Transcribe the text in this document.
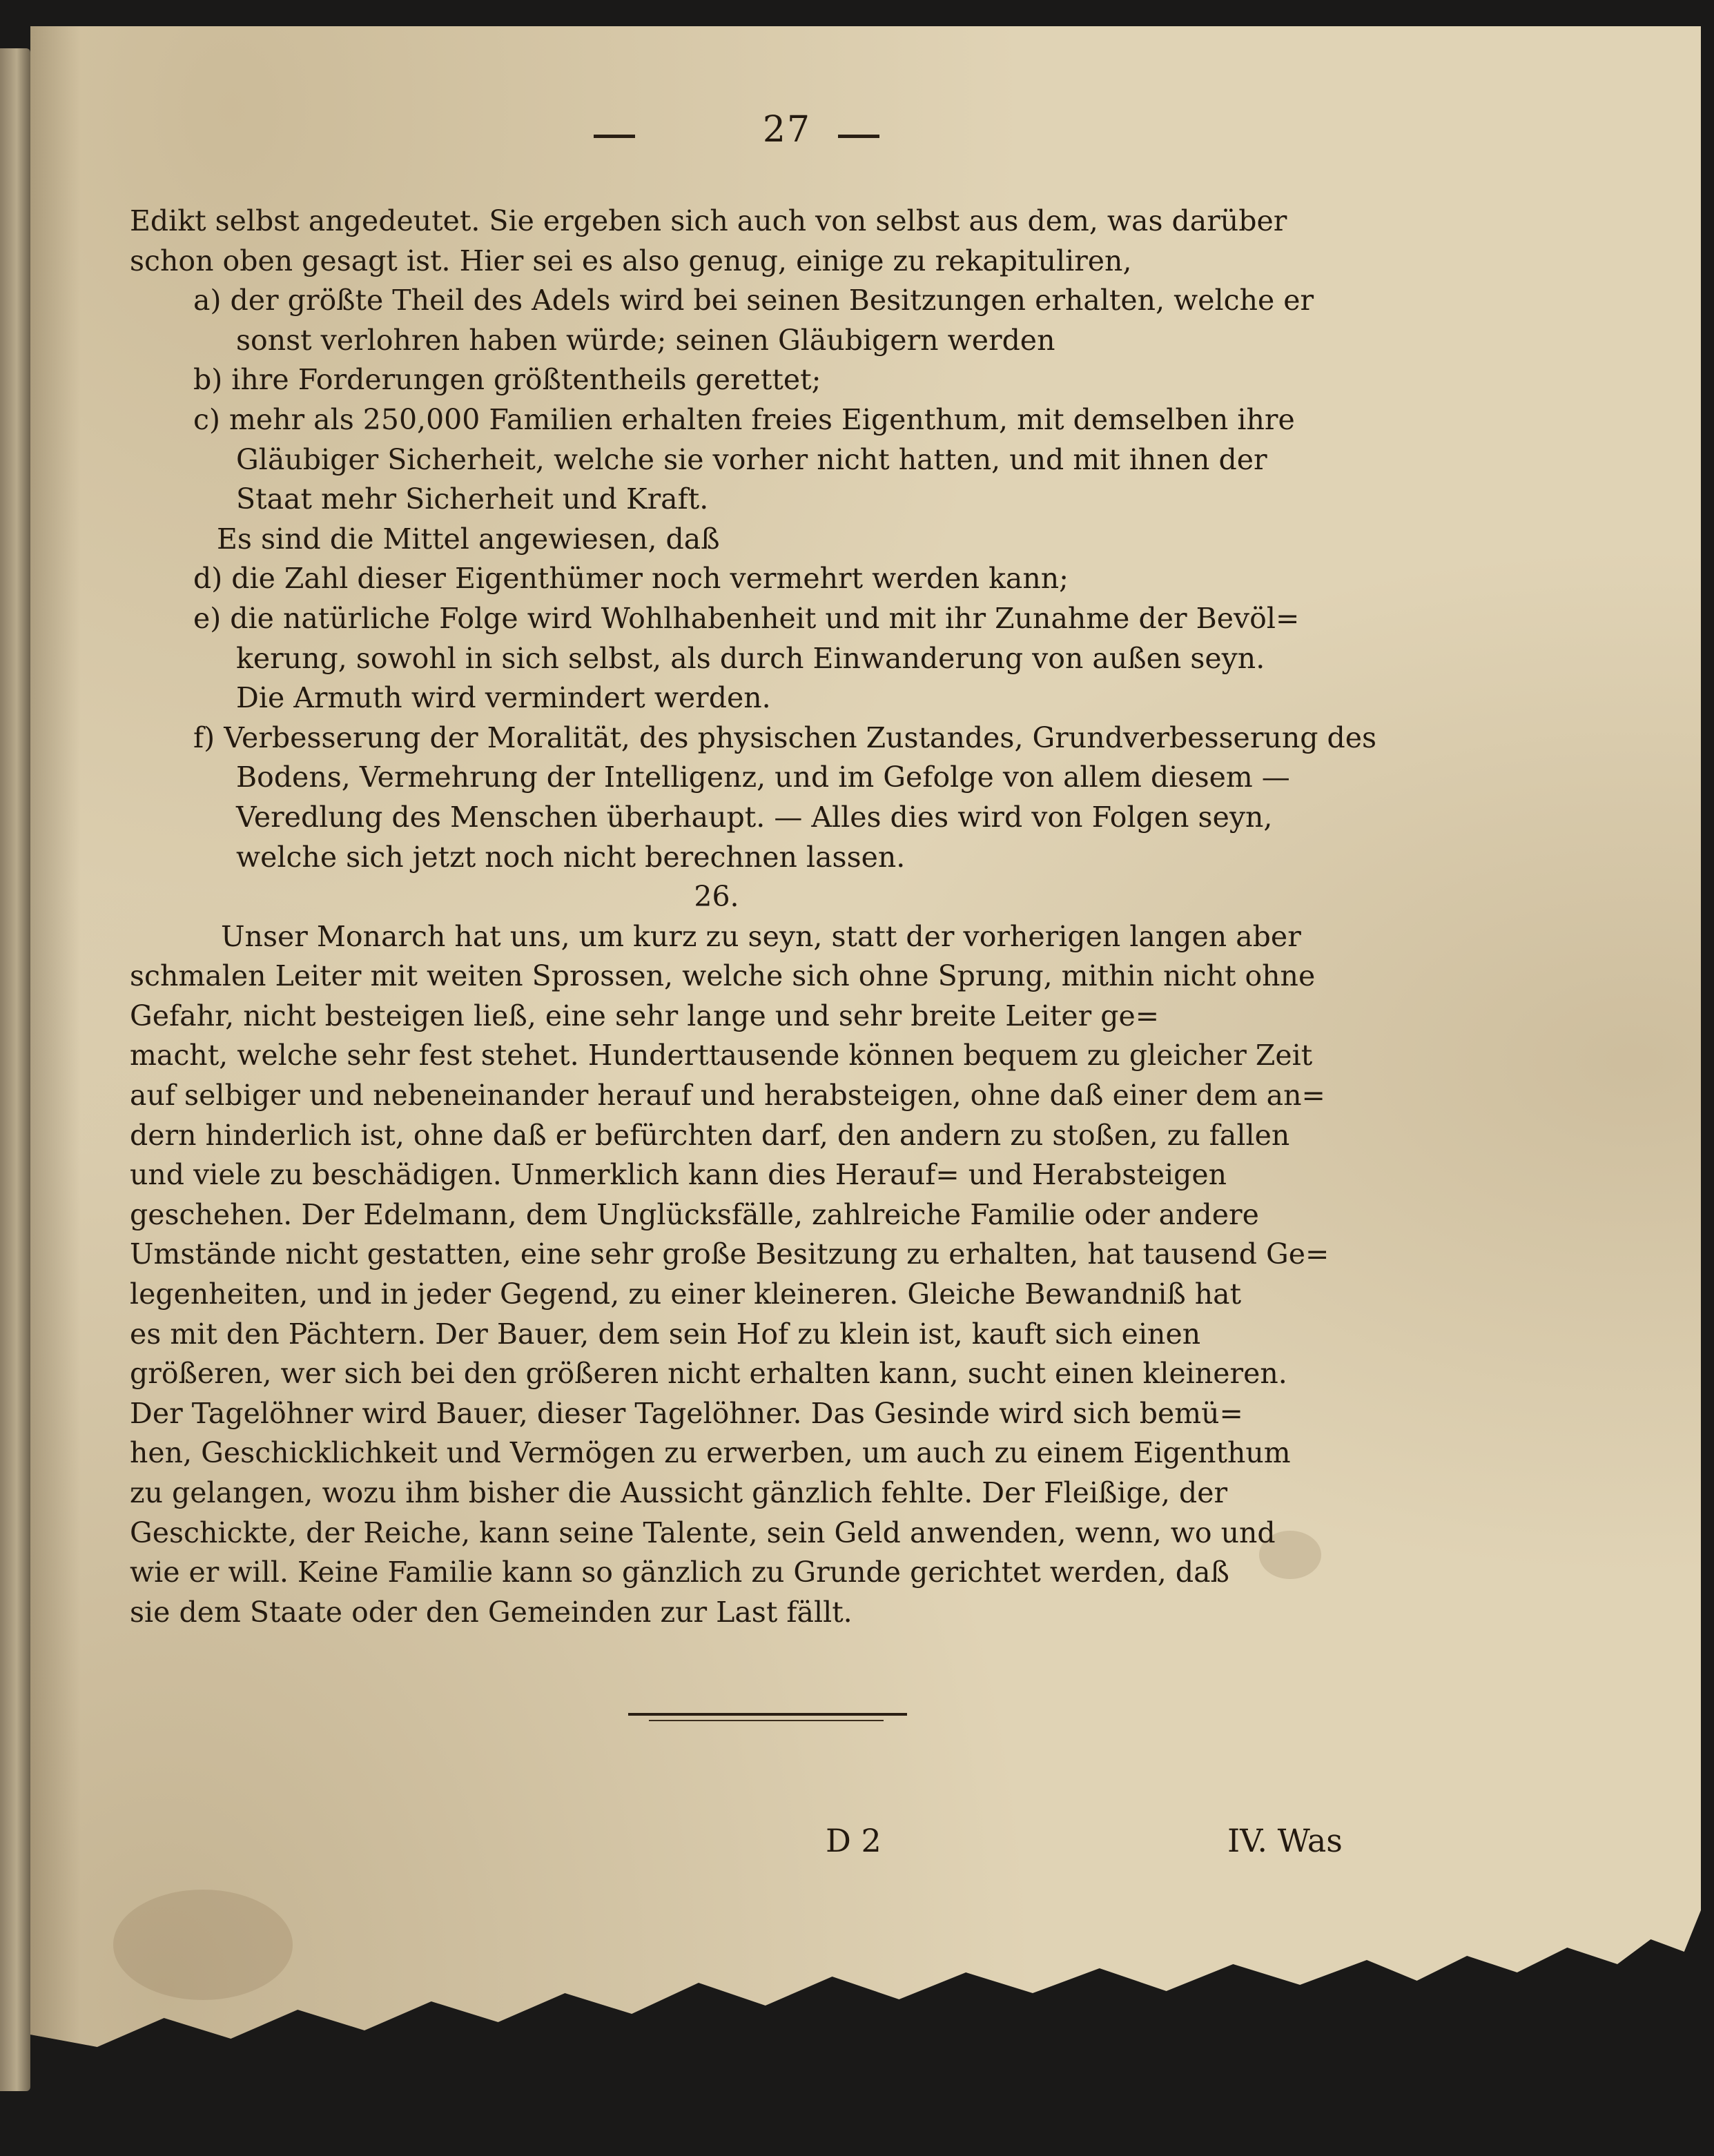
27
Edikt selbst angedeutet. Sie ergeben sich auch von selbst aus dem, was darüber
schon oben gesagt ist. Hier sei es also genug, einige zu rekapituliren,
a) der größte Theil des Adels wird bei seinen Besitzungen erhalten, welche er
sonst verlohren haben würde; seinen Gläubigern werden
b) ihre Forderungen größtentheils gerettet;
c) mehr als 250,000 Familien erhalten freies Eigenthum, mit demselben ihre
Gläubiger Sicherheit, welche sie vorher nicht hatten, und mit ihnen der
Staat mehr Sicherheit und Kraft.
Es sind die Mittel angewiesen, daß
d) die Zahl dieser Eigenthümer noch vermehrt werden kann;
e) die natürliche Folge wird Wohlhabenheit und mit ihr Zunahme der Bevöl=
kerung, sowohl in sich selbst, als durch Einwanderung von außen seyn.
Die Armuth wird vermindert werden.
f) Verbesserung der Moralität, des physischen Zustandes, Grundverbesserung des
Bodens, Vermehrung der Intelligenz, und im Gefolge von allem diesem —
Veredlung des Menschen überhaupt. — Alles dies wird von Folgen seyn,
welche sich jetzt noch nicht berechnen lassen.
26.
Unser Monarch hat uns, um kurz zu seyn, statt der vorherigen langen aber
schmalen Leiter mit weiten Sprossen, welche sich ohne Sprung, mithin nicht ohne
Gefahr, nicht besteigen ließ, eine sehr lange und sehr breite Leiter ge=
macht, welche sehr fest stehet. Hunderttausende können bequem zu gleicher Zeit
auf selbiger und nebeneinander herauf und herabsteigen, ohne daß einer dem an=
dern hinderlich ist, ohne daß er befürchten darf, den andern zu stoßen, zu fallen
und viele zu beschädigen. Unmerklich kann dies Herauf= und Herabsteigen
geschehen. Der Edelmann, dem Unglücksfälle, zahlreiche Familie oder andere
Umstände nicht gestatten, eine sehr große Besitzung zu erhalten, hat tausend Ge=
legenheiten, und in jeder Gegend, zu einer kleineren. Gleiche Bewandniß hat
es mit den Pächtern. Der Bauer, dem sein Hof zu klein ist, kauft sich einen
größeren, wer sich bei den größeren nicht erhalten kann, sucht einen kleineren.
Der Tagelöhner wird Bauer, dieser Tagelöhner. Das Gesinde wird sich bemü=
hen, Geschicklichkeit und Vermögen zu erwerben, um auch zu einem Eigenthum
zu gelangen, wozu ihm bisher die Aussicht gänzlich fehlte. Der Fleißige, der
Geschickte, der Reiche, kann seine Talente, sein Geld anwenden, wenn, wo und
wie er will. Keine Familie kann so gänzlich zu Grunde gerichtet werden, daß
sie dem Staate oder den Gemeinden zur Last fällt.
D 2	IV. Was
